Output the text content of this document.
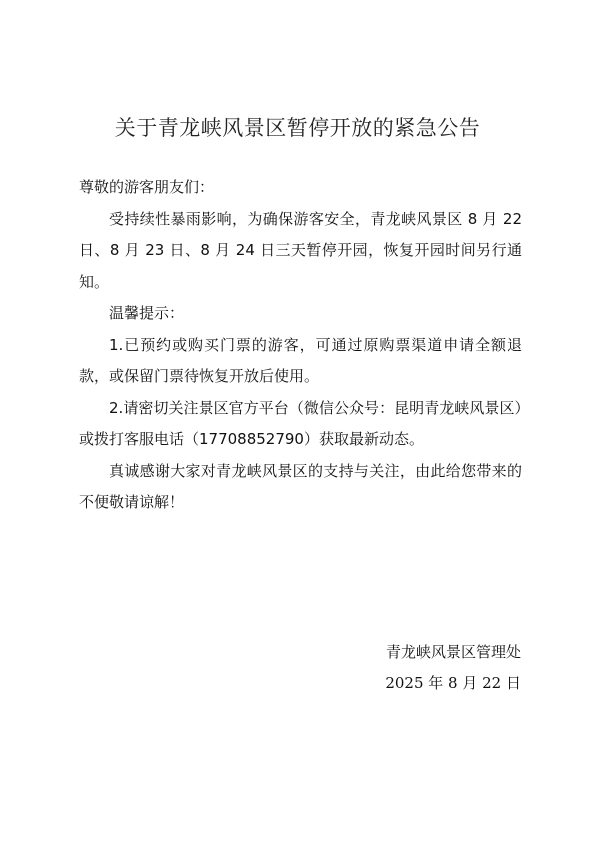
关于青龙峡风景区暂停开放的紧急公告

尊敬的游客朋友们：

受持续性暴雨影响，为确保游客安全，青龙峡风景区 8 月 22 日、8 月 23 日、8 月 24 日三天暂停开园，恢复开园时间另行通知。

温馨提示：

1.已预约或购买门票的游客，可通过原购票渠道申请全额退款，或保留门票待恢复开放后使用。

2.请密切关注景区官方平台（微信公众号：昆明青龙峡风景区）或拨打客服电话（17708852790）获取最新动态。

真诚感谢大家对青龙峡风景区的支持与关注，由此给您带来的不便敬请谅解！

青龙峡风景区管理处
2025 年 8 月 22 日
